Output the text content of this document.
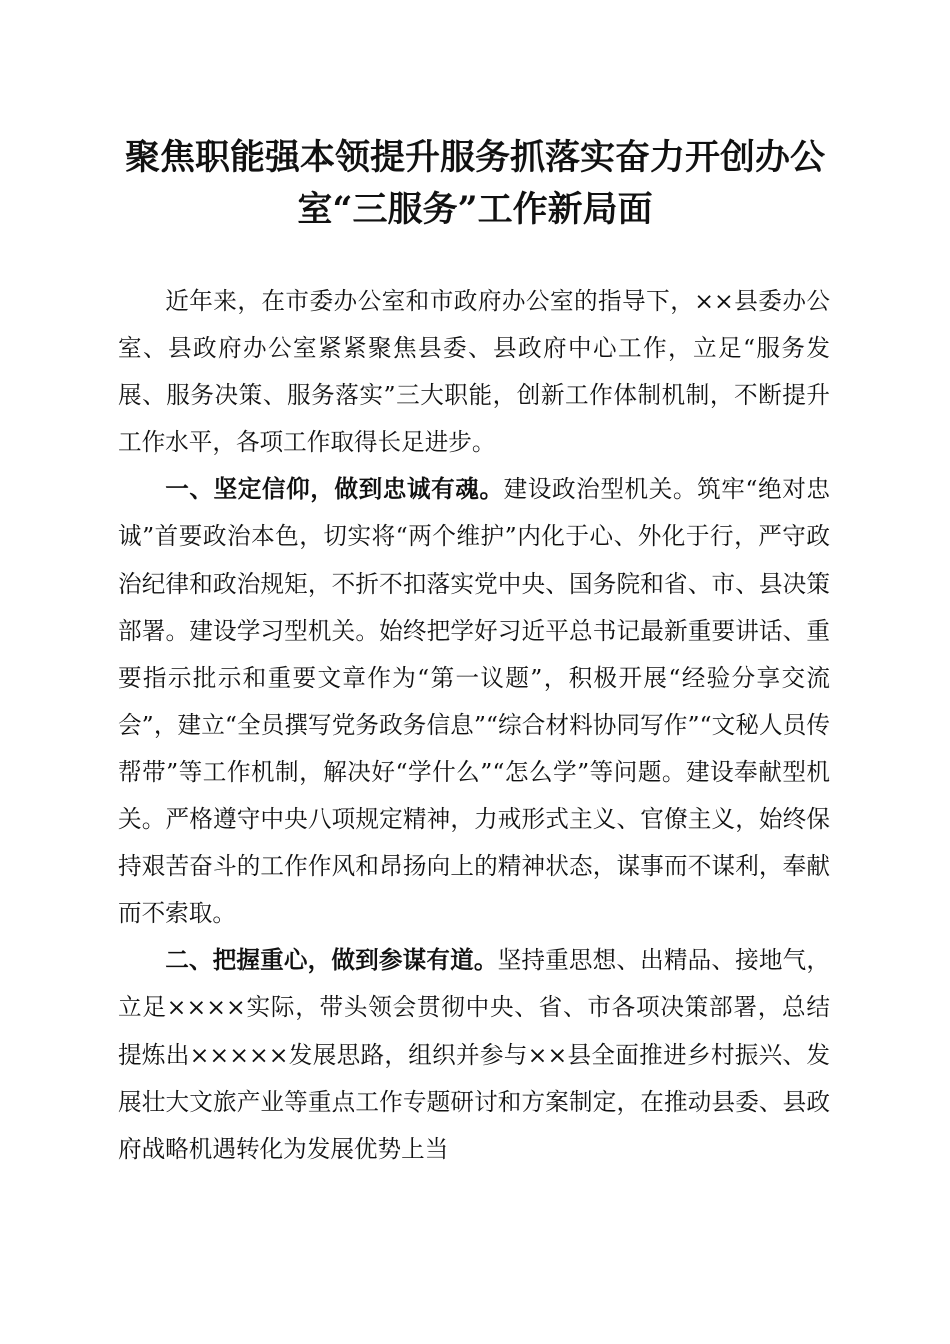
聚焦职能强本领提升服务抓落实奋力开创办公
室“三服务”工作新局面

近年来，在市委办公室和市政府办公室的指导下，××县委办公室、县政府办公室紧紧聚焦县委、县政府中心工作，立足“服务发展、服务决策、服务落实”三大职能，创新工作体制机制，不断提升工作水平，各项工作取得长足进步。

一、坚定信仰，做到忠诚有魂。建设政治型机关。筑牢“绝对忠诚”首要政治本色，切实将“两个维护”内化于心、外化于行，严守政治纪律和政治规矩，不折不扣落实党中央、国务院和省、市、县决策部署。建设学习型机关。始终把学好习近平总书记最新重要讲话、重要指示批示和重要文章作为“第一议题”，积极开展“经验分享交流会”，建立“全员撰写党务政务信息”“综合材料协同写作”“文秘人员传帮带”等工作机制，解决好“学什么”“怎么学”等问题。建设奉献型机关。严格遵守中央八项规定精神，力戒形式主义、官僚主义，始终保持艰苦奋斗的工作作风和昂扬向上的精神状态，谋事而不谋利，奉献而不索取。

二、把握重心，做到参谋有道。坚持重思想、出精品、接地气，立足××××实际，带头领会贯彻中央、省、市各项决策部署，总结提炼出×××××发展思路，组织并参与××县全面推进乡村振兴、发展壮大文旅产业等重点工作专题研讨和方案制定，在推动县委、县政府战略机遇转化为发展优势上当
